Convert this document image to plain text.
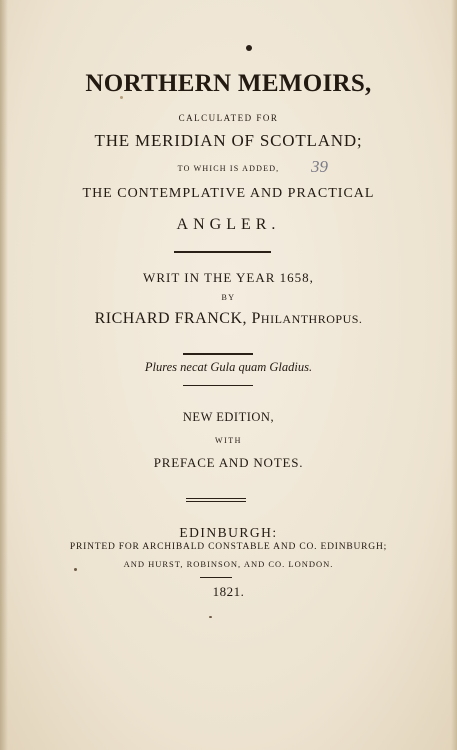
NORTHERN MEMOIRS,
CALCULATED FOR
THE MERIDIAN OF SCOTLAND;
TO WHICH IS ADDED,
THE CONTEMPLATIVE AND PRACTICAL
ANGLER.
39
WRIT IN THE YEAR 1658,
BY
RICHARD FRANCK, PHILANTHROPUS.
Plures necat Gula quam Gladius.
NEW EDITION,
WITH
PREFACE AND NOTES.
EDINBURGH:
PRINTED FOR ARCHIBALD CONSTABLE AND CO. EDINBURGH;
AND HURST, ROBINSON, AND CO. LONDON.
1821.
